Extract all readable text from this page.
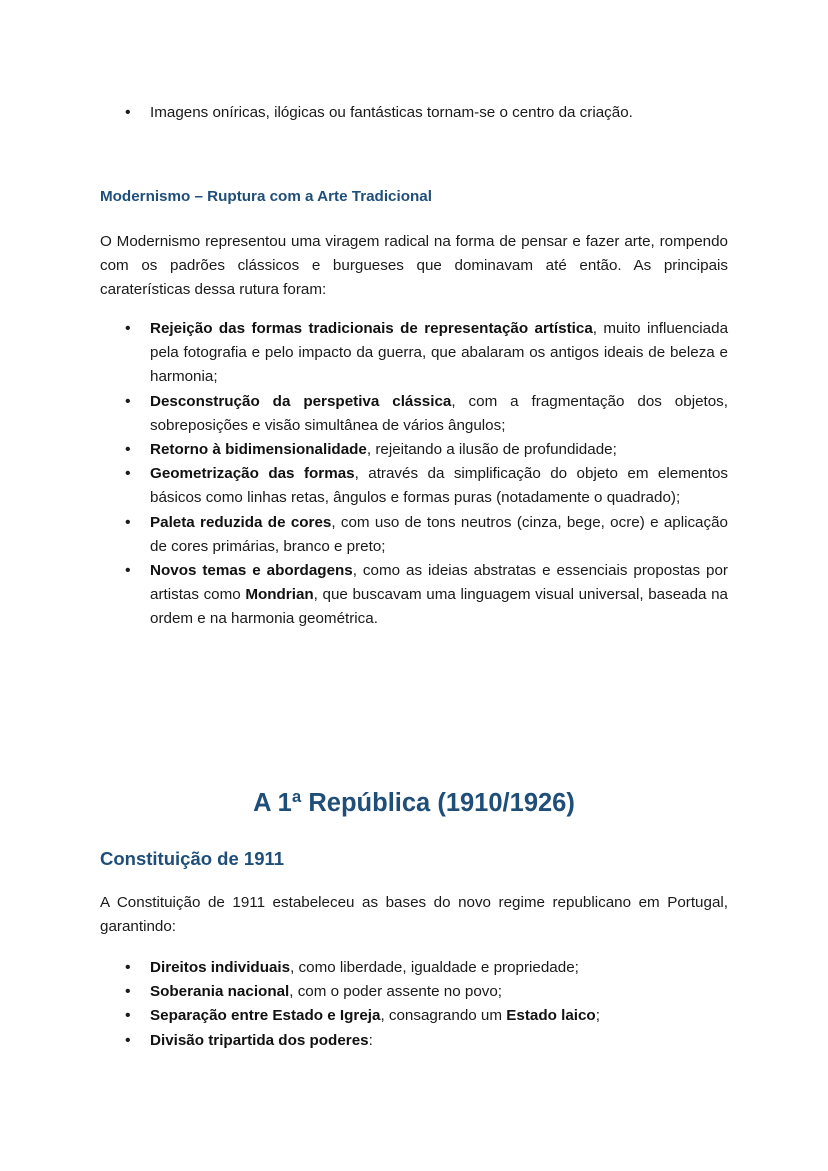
• Imagens oníricas, ilógicas ou fantásticas tornam-se o centro da criação.
Modernismo – Ruptura com a Arte Tradicional

O Modernismo representou uma viragem radical na forma de pensar e fazer arte, rompendo com os padrões clássicos e burgueses que dominavam até então. As principais caraterísticas dessa rutura foram:

• Rejeição das formas tradicionais de representação artística, muito influenciada pela fotografia e pelo impacto da guerra, que abalaram os antigos ideais de beleza e harmonia;
• Desconstrução da perspetiva clássica, com a fragmentação dos objetos, sobreposições e visão simultânea de vários ângulos;
• Retorno à bidimensionalidade, rejeitando a ilusão de profundidade;
• Geometrização das formas, através da simplificação do objeto em elementos básicos como linhas retas, ângulos e formas puras (notadamente o quadrado);
• Paleta reduzida de cores, com uso de tons neutros (cinza, bege, ocre) e aplicação de cores primárias, branco e preto;
• Novos temas e abordagens, como as ideias abstratas e essenciais propostas por artistas como Mondrian, que buscavam uma linguagem visual universal, baseada na ordem e na harmonia geométrica.
A 1ª República (1910/1926)
Constituição de 1911

A Constituição de 1911 estabeleceu as bases do novo regime republicano em Portugal, garantindo:

• Direitos individuais, como liberdade, igualdade e propriedade;
• Soberania nacional, com o poder assente no povo;
• Separação entre Estado e Igreja, consagrando um Estado laico;
• Divisão tripartida dos poderes:
